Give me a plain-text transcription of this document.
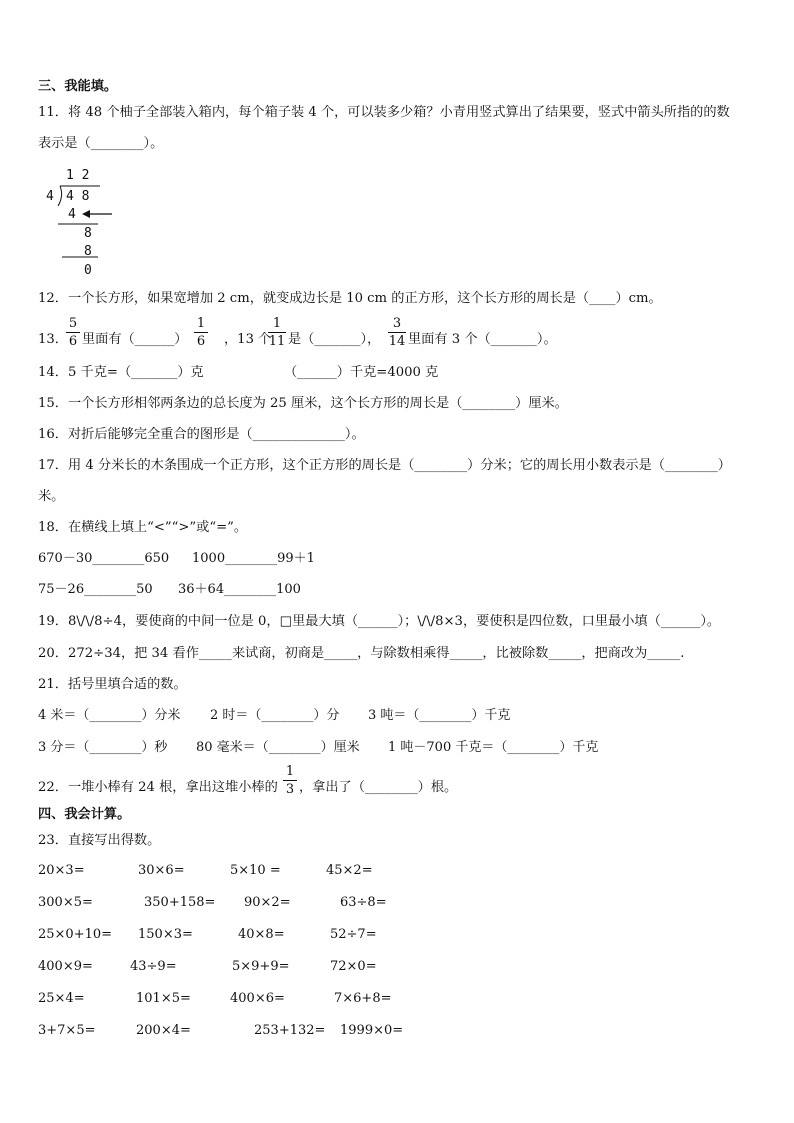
三、我能填。
11．将 48 个柚子全部装入箱内，每个箱子装 4 个，可以装多少箱？小青用竖式算出了结果要，竖式中箭头所指的的数
表示是（________）。
1 2
4 4 8
4
8
8
0
12．一个长方形，如果宽增加 2 cm，就变成边长是 10 cm 的正方形，这个长方形的周长是（____）cm。
13．
5
6 里面有（______）
1
6 ，13 个
1
11 是（_______），
3
14 里面有 3 个（_______）。
14．5 千克=（_______）克	（______）千克=4000 克
15．一个长方形相邻两条边的总长度为 25 厘米，这个长方形的周长是（________）厘米。
16．对折后能够完全重合的图形是（______________）。
17．用 4 分米长的木条围成一个正方形，这个正方形的周长是（________）分米；它的周长用小数表示是（________）
米。
18．在横线上填上“<”“>”或“=”。
670－30________650 1000________99＋1
75－26________50 36＋64________100
19．8\/\/8÷4，要使商的中间一位是 0，□里最大填（______）；\/\/8×3，要使积是四位数，口里最小填（______）。
20．272÷34，把 34 看作_____来试商，初商是_____，与除数相乘得_____，比被除数_____，把商改为_____.
21．括号里填合适的数。
4 米＝（________）分米 2 时＝（________）分 3 吨＝（________）千克
3 分＝（________）秒 80 毫米＝（________）厘米 1 吨－700 千克＝（________）千克
22．一堆小棒有 24 根，拿出这堆小棒的
1
3 ，拿出了（________）根。
四、我会计算。
23．直接写出得数。
20×3=	30×6=	5×10 =	45×2=
300×5=	350+158= 90×2=	63÷8=
25×0+10= 150×3=	40×8=	52÷7=
400×9=	43÷9=	5×9+9=	72×0=
25×4=	101×5=	400×6=	7×6+8=
3+7×5=	200×4=	253+132= 1999×0=
